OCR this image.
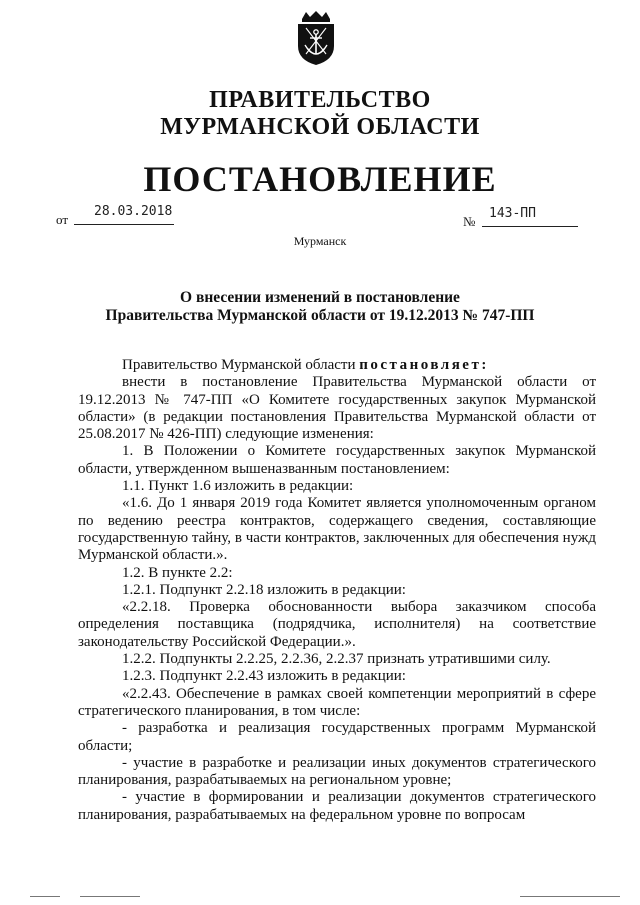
ПРАВИТЕЛЬСТВО
МУРМАНСКОЙ ОБЛАСТИ
ПОСТАНОВЛЕНИЕ
от
28.03.2018
№
143-ПП
Мурманск
О внесении изменений в постановление
Правительства Мурманской области от 19.12.2013 № 747-ПП

Правительство Мурманской области постановляет:

внести в постановление Правительства Мурманской области от 19.12.2013 № 747-ПП «О Комитете государственных закупок Мурманской области» (в редакции постановления Правительства Мурманской области от 25.08.2017 № 426-ПП) следующие изменения:

1. В Положении о Комитете государственных закупок Мурманской области, утвержденном вышеназванным постановлением:

1.1. Пункт 1.6 изложить в редакции:

«1.6. До 1 января 2019 года Комитет является уполномоченным органом по ведению реестра контрактов, содержащего сведения, составляющие государственную тайну, в части контрактов, заключенных для обеспечения нужд Мурманской области.».

1.2. В пункте 2.2:

1.2.1. Подпункт 2.2.18 изложить в редакции:

«2.2.18. Проверка обоснованности выбора заказчиком способа определения поставщика (подрядчика, исполнителя) на соответствие законодательству Российской Федерации.».

1.2.2. Подпункты 2.2.25, 2.2.36, 2.2.37 признать утратившими силу.

1.2.3. Подпункт 2.2.43 изложить в редакции:

«2.2.43. Обеспечение в рамках своей компетенции мероприятий в сфере стратегического планирования, в том числе:

- разработка и реализация государственных программ Мурманской области;

- участие в разработке и реализации иных документов стратегического планирования, разрабатываемых на региональном уровне;

- участие в формировании и реализации документов стратегического планирования, разрабатываемых на федеральном уровне по вопросам
